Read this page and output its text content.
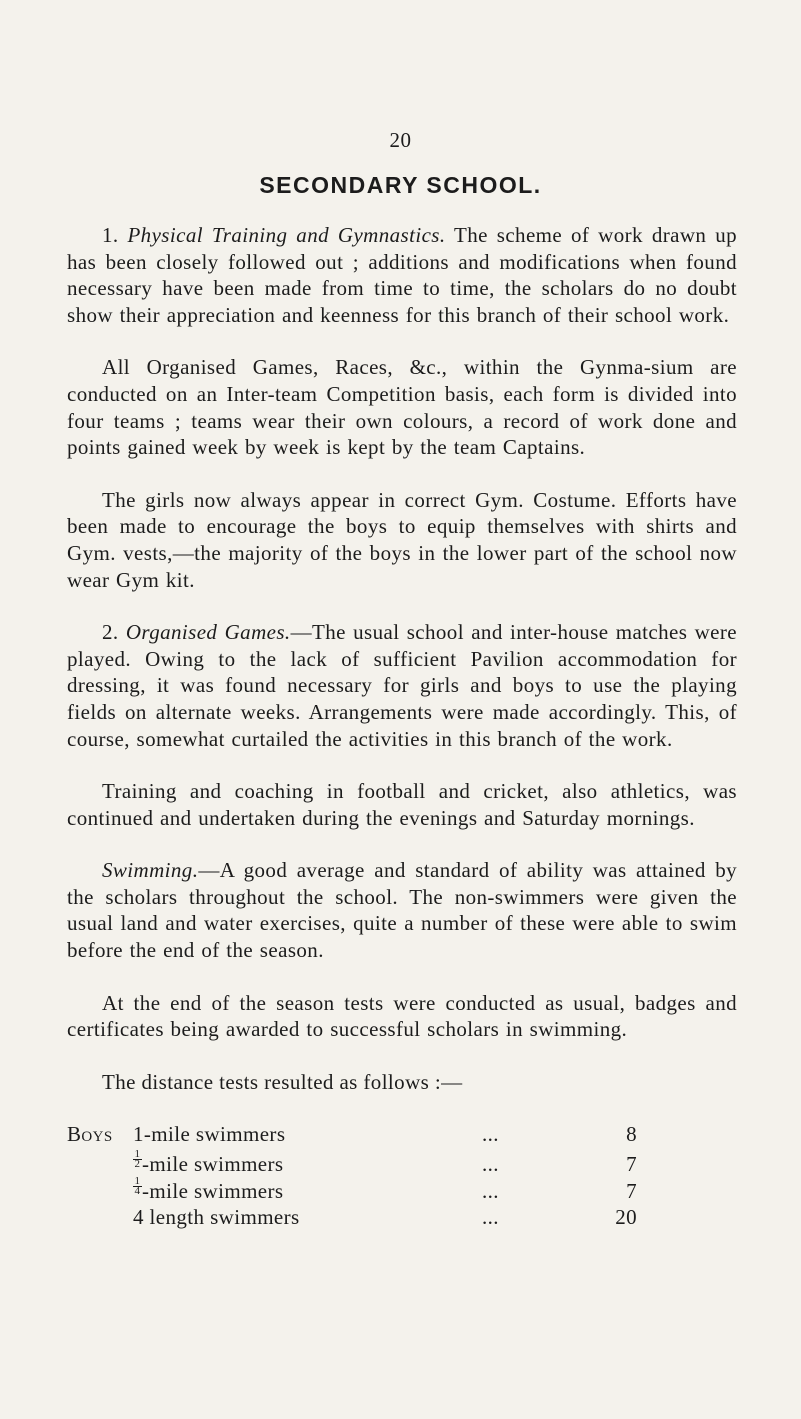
20
SECONDARY SCHOOL.

1. Physical Training and Gymnastics. The scheme of work drawn up has been closely followed out ; additions and modifications when found necessary have been made from time to time, the scholars do no doubt show their appreciation and keenness for this branch of their school work.

All Organised Games, Races, &c., within the Gynma-sium are conducted on an Inter-team Competition basis, each form is divided into four teams ; teams wear their own colours, a record of work done and points gained week by week is kept by the team Captains.

The girls now always appear in correct Gym. Costume. Efforts have been made to encourage the boys to equip themselves with shirts and Gym. vests,—the majority of the boys in the lower part of the school now wear Gym kit.

2. Organised Games.—The usual school and inter-house matches were played. Owing to the lack of sufficient Pavilion accommodation for dressing, it was found necessary for girls and boys to use the playing fields on alternate weeks. Arrangements were made accordingly. This, of course, somewhat curtailed the activities in this branch of the work.

Training and coaching in football and cricket, also athletics, was continued and undertaken during the evenings and Saturday mornings.

Swimming.—A good average and standard of ability was attained by the scholars throughout the school. The non-swimmers were given the usual land and water exercises, quite a number of these were able to swim before the end of the season.

At the end of the season tests were conducted as usual, badges and certificates being awarded to successful scholars in swimming.

The distance tests resulted as follows :—
Boys	1-mile swimmers	...	8

	$\frac{1}{2}$ -mile swimmers	...	7

	$\frac{1}{4}$ -mile swimmers	...	7
	4 length swimmers	...	20
